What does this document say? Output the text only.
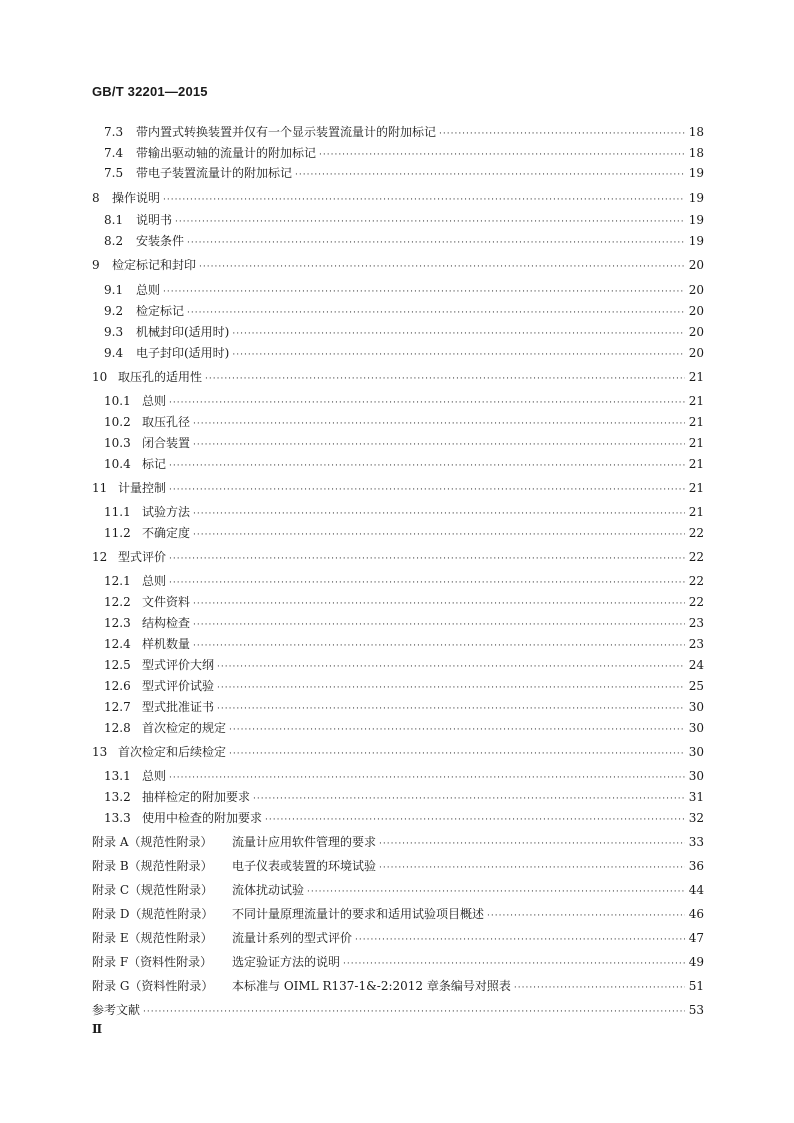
GB/T 32201—2015
7.3	带内置式转换装置并仅有一个显示装置流量计的附加标记 ·····	18
7.4	带输出驱动轴的流量计的附加标记 ·····	18
7.5	带电子装置流量计的附加标记 ·····	19
8	操作说明 ·····	19
8.1	说明书 ·····	19
8.2	安装条件 ·····	19
9	检定标记和封印 ·····	20
9.1	总则 ·····	20
9.2	检定标记 ·····	20
9.3	机械封印(适用时) ·····	20
9.4	电子封印(适用时) ·····	20
10 取压孔的适用性 ·····	21
10.1 总则 ·····	21
10.2 取压孔径 ·····	21
10.3 闭合装置 ·····	21
10.4 标记 ·····	21
11 计量控制 ·····	21
11.1 试验方法 ·····	21
11.2 不确定度 ·····	22
12 型式评价 ·····	22
12.1 总则 ·····	22
12.2 文件资料 ·····	22
12.3 结构检查 ·····	23
12.4 样机数量 ·····	23
12.5 型式评价大纲 ·····	24
12.6 型式评价试验 ·····	25
12.7 型式批准证书 ·····	30
12.8 首次检定的规定 ·····	30
13 首次检定和后续检定 ·····	30
13.1 总则 ·····	30
13.2 抽样检定的附加要求 ·····	31
13.3 使用中检查的附加要求 ·····	32
附录 A（规范性附录）	流量计应用软件管理的要求 ·····	33
附录 B（规范性附录）	电子仪表或装置的环境试验 ·····	36
附录 C（规范性附录）	流体扰动试验 ·····	44
附录 D（规范性附录）	不同计量原理流量计的要求和适用试验项目概述 ·····	46
附录 E（规范性附录）	流量计系列的型式评价 ·····	47
附录 F（资料性附录）	选定验证方法的说明 ·····	49
附录 G（资料性附录）	本标准与 OIML R137-1&-2:2012 章条编号对照表 ·····	51
参考文献 ·····	53
Ⅱ
